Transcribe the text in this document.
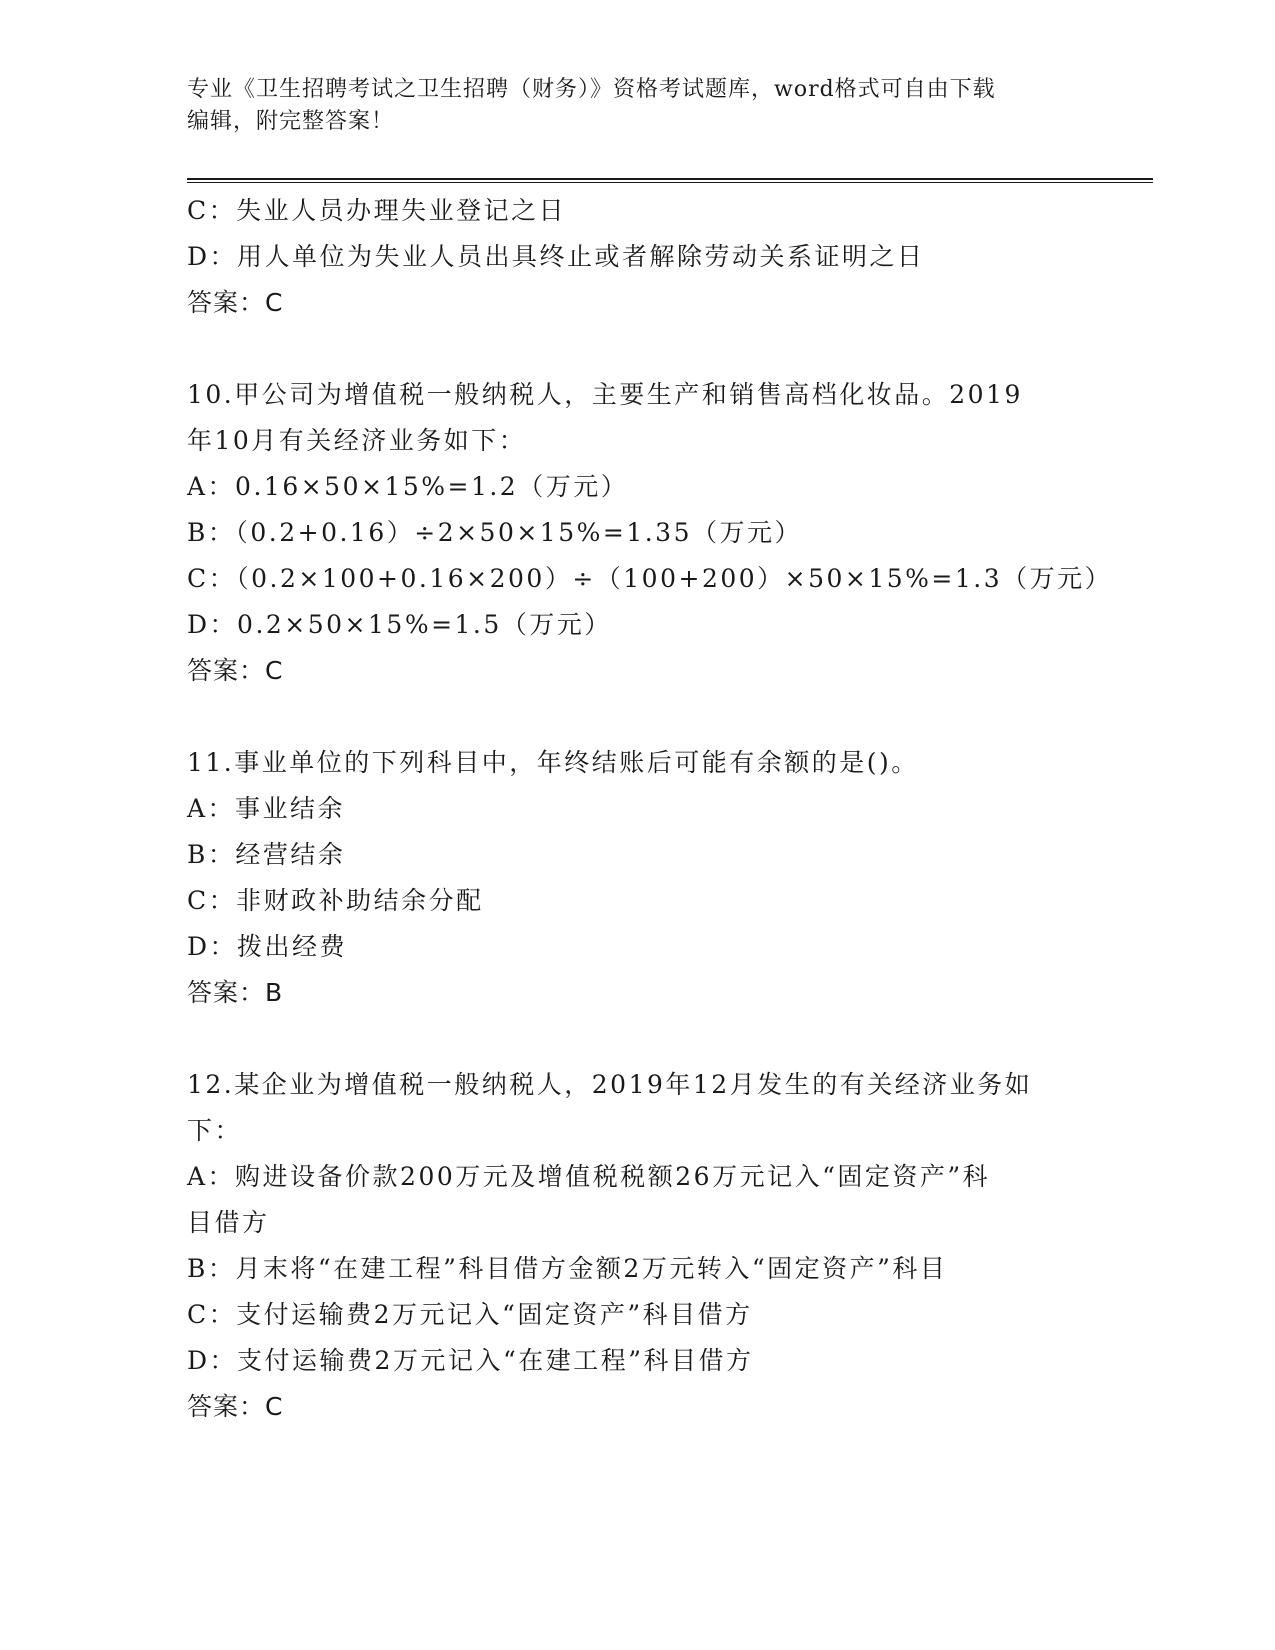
专业《卫生招聘考试之卫生招聘（财务）》资格考试题库，word格式可自由下载

编辑，附完整答案！

C：失业人员办理失业登记之日

D：用人单位为失业人员出具终止或者解除劳动关系证明之日

答案：C

10.甲公司为增值税一般纳税人，主要生产和销售高档化妆品。2019

年10月有关经济业务如下：

A：0.16×50×15%=1.2（万元）

B：（0.2+0.16）÷2×50×15%=1.35（万元）

C：（0.2×100+0.16×200）÷（100+200）×50×15%=1.3（万元）

D：0.2×50×15%=1.5（万元）

答案：C

11.事业单位的下列科目中，年终结账后可能有余额的是()。

A：事业结余

B：经营结余

C：非财政补助结余分配

D：拨出经费

答案：B

12.某企业为增值税一般纳税人，2019年12月发生的有关经济业务如

下：

A：购进设备价款200万元及增值税税额26万元记入“固定资产”科

目借方

B：月末将“在建工程”科目借方金额2万元转入“固定资产”科目

C：支付运输费2万元记入“固定资产”科目借方

D：支付运输费2万元记入“在建工程”科目借方

答案：C
